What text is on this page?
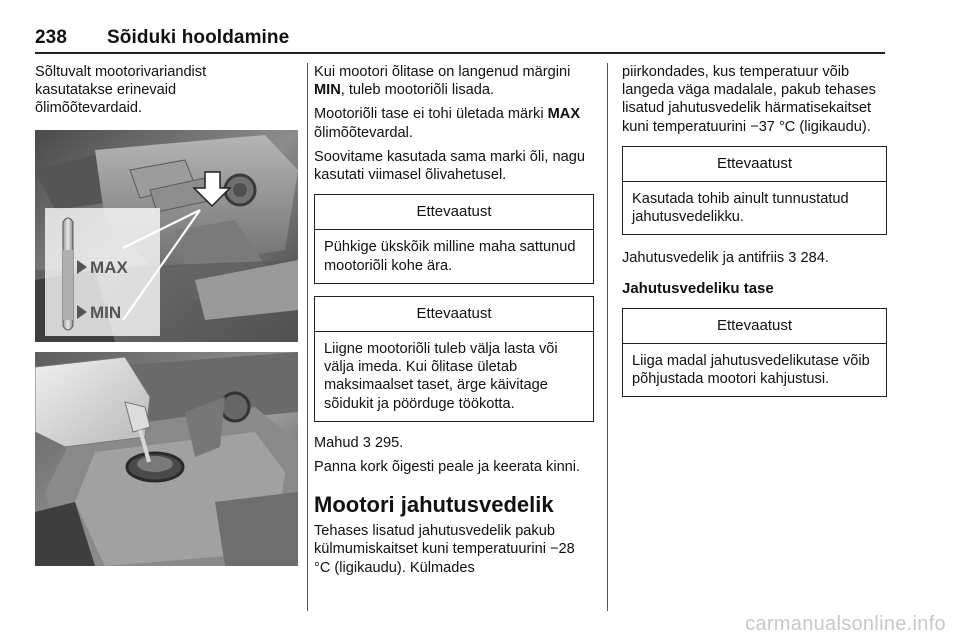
238 Sõiduki hooldamine

Sõltuvalt mootorivariandist kasutatakse erinevaid õlimõõtevardaid.

MAX
MIN

Kui mootori õlitase on langenud märgini MIN, tuleb mootoriõli lisada.

Mootoriõli tase ei tohi ületada märki MAX õlimõõtevardal.

Soovitame kasutada sama marki õli, nagu kasutati viimasel õlivahetusel.

Ettevaatust
Pühkige ükskõik milline maha sattunud mootoriõli kohe ära.
Ettevaatust
Liigne mootoriõli tuleb välja lasta või välja imeda. Kui õlitase ületab maksimaalset taset, ärge käivitage sõidukit ja pöörduge töökotta.

Mahud 3 295.

Panna kork õigesti peale ja keerata kinni.

Mootori jahutusvedelik

Tehases lisatud jahutusvedelik pakub külmumiskaitset kuni temperatuurini −28 °C (ligikaudu). Külmades

piirkondades, kus temperatuur võib langeda väga madalale, pakub tehases lisatud jahutusvedelik härmatisekaitset kuni temperatuurini −37 °C (ligikaudu).

Ettevaatust
Kasutada tohib ainult tunnustatud jahutusvedelikku.

Jahutusvedelik ja antifriis 3 284.

Jahutusvedeliku tase
Ettevaatust
Liiga madal jahutusvedelikutase võib põhjustada mootori kahjustusi.
carmanualsonline.info
